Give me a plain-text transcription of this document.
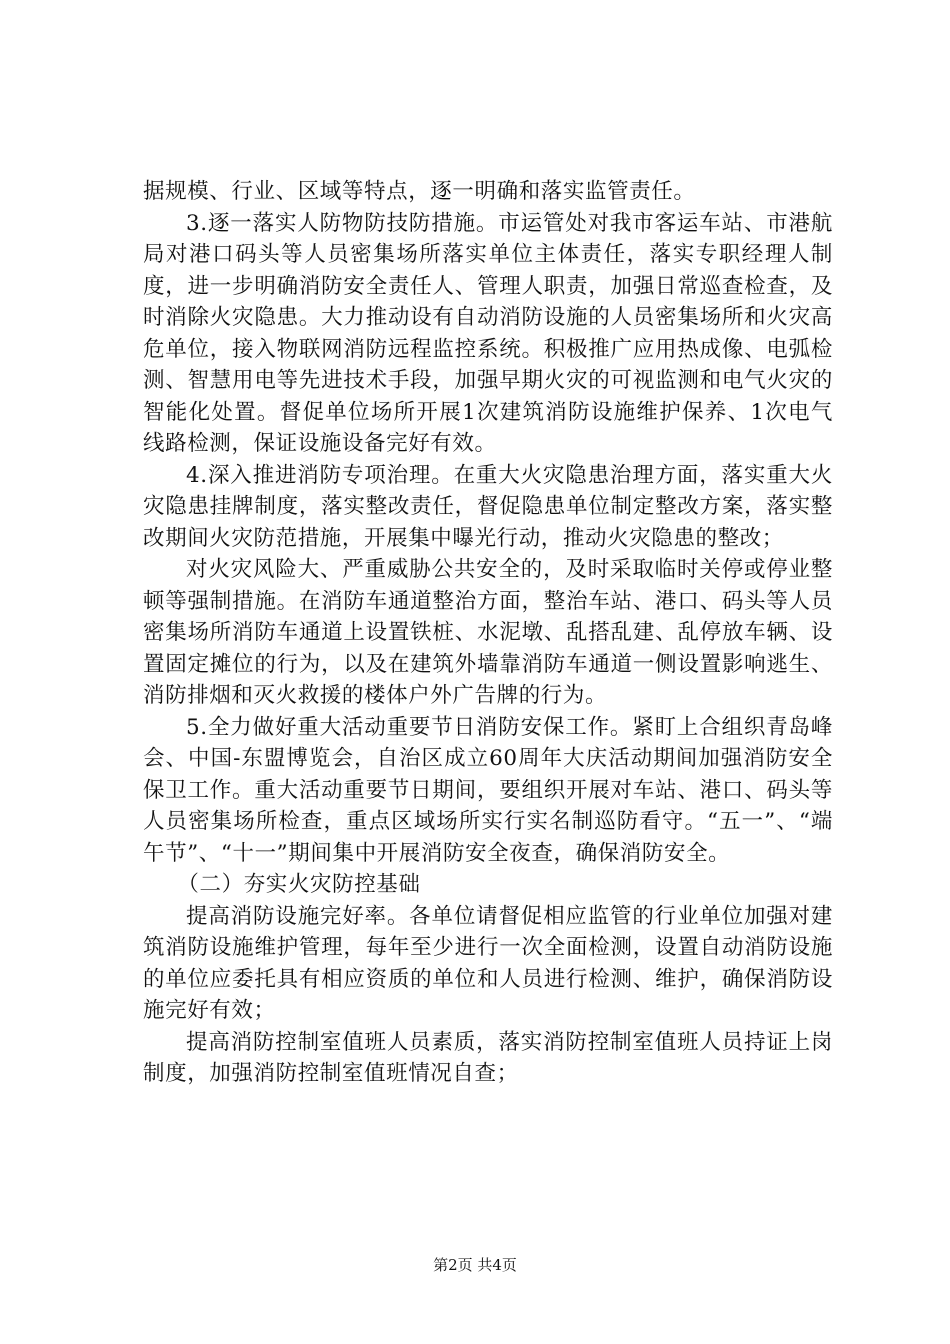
据规模、行业、区域等特点，逐一明确和落实监管责任。

3.逐一落实人防物防技防措施。市运管处对我市客运车站、市港航局对港口码头等人员密集场所落实单位主体责任，落实专职经理人制度，进一步明确消防安全责任人、管理人职责，加强日常巡查检查，及时消除火灾隐患。大力推动设有自动消防设施的人员密集场所和火灾高危单位，接入物联网消防远程监控系统。积极推广应用热成像、电弧检测、智慧用电等先进技术手段，加强早期火灾的可视监测和电气火灾的智能化处置。督促单位场所开展1次建筑消防设施维护保养、1次电气线路检测，保证设施设备完好有效。

4.深入推进消防专项治理。在重大火灾隐患治理方面，落实重大火灾隐患挂牌制度，落实整改责任，督促隐患单位制定整改方案，落实整改期间火灾防范措施，开展集中曝光行动，推动火灾隐患的整改；

对火灾风险大、严重威胁公共安全的，及时采取临时关停或停业整顿等强制措施。在消防车通道整治方面，整治车站、港口、码头等人员密集场所消防车通道上设置铁桩、水泥墩、乱搭乱建、乱停放车辆、设置固定摊位的行为，以及在建筑外墙靠消防车通道一侧设置影响逃生、消防排烟和灭火救援的楼体户外广告牌的行为。

5.全力做好重大活动重要节日消防安保工作。紧盯上合组织青岛峰会、中国-东盟博览会，自治区成立60周年大庆活动期间加强消防安全保卫工作。重大活动重要节日期间，要组织开展对车站、港口、码头等人员密集场所检查，重点区域场所实行实名制巡防看守。“五一”、“端午节”、“十一”期间集中开展消防安全夜查，确保消防安全。

（二）夯实火灾防控基础

提高消防设施完好率。各单位请督促相应监管的行业单位加强对建筑消防设施维护管理，每年至少进行一次全面检测，设置自动消防设施的单位应委托具有相应资质的单位和人员进行检测、维护，确保消防设施完好有效；

提高消防控制室值班人员素质，落实消防控制室值班人员持证上岗制度，加强消防控制室值班情况自查；

第2页 共4页
